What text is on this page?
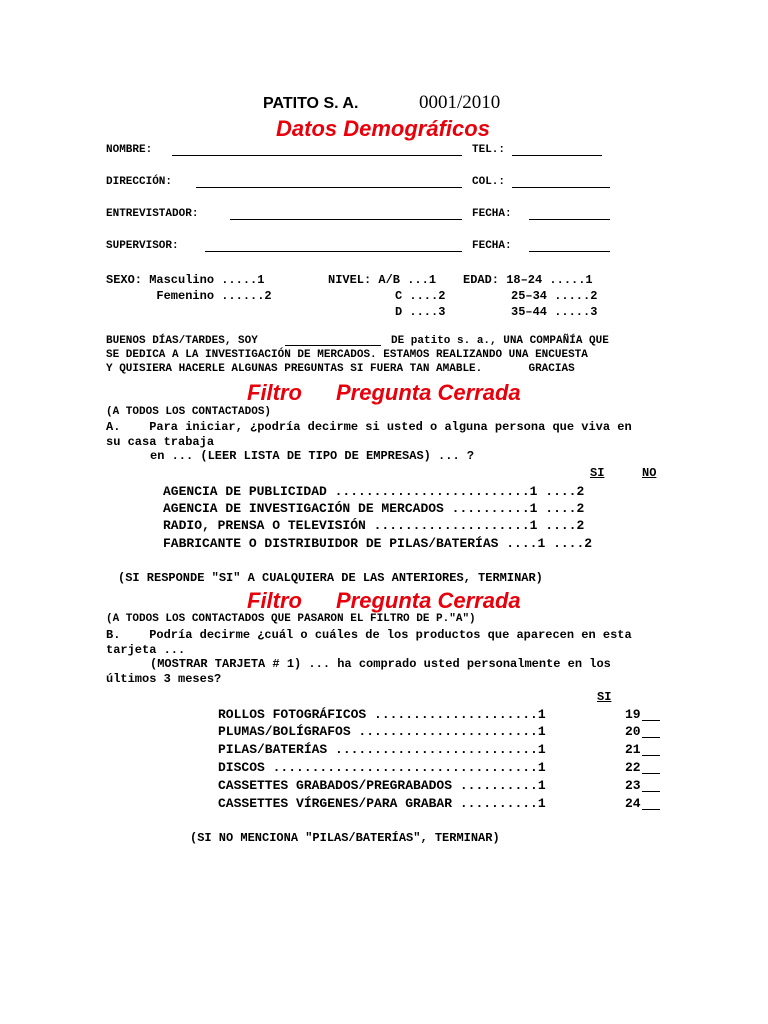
PATITO S. A.	0001/2010
Datos Demográficos
NOMBRE:	TEL.:
DIRECCIÓN:	COL.:
ENTREVISTADOR:	FECHA:
SUPERVISOR:	FECHA:
SEXO: Masculino .....1
Femenino ......2
NIVEL: A/B ...1
C ....2
D ....3
EDAD: 18–24 .....1
25–34 .....2
35–44 .....3
BUENOS DÍAS/TARDES, SOY	DE patito s. a., UNA COMPAÑÍA QUE
SE DEDICA A LA INVESTIGACIÓN DE MERCADOS. ESTAMOS REALIZANDO UNA ENCUESTA
Y QUISIERA HACERLE ALGUNAS PREGUNTAS SI FUERA TAN AMABLE.       GRACIAS
Filtro Pregunta Cerrada
(A TODOS LOS CONTACTADOS)
A.    Para iniciar, ¿podría decirme si usted o alguna persona que viva en
su casa trabaja
en ... (LEER LISTA DE TIPO DE EMPRESAS) ... ?
SI	NO
AGENCIA DE PUBLICIDAD .........................1 ....2
AGENCIA DE INVESTIGACIÓN DE MERCADOS ..........1 ....2
RADIO, PRENSA O TELEVISIÓN ....................1 ....2
FABRICANTE O DISTRIBUIDOR DE PILAS/BATERÍAS ....1 ....2
(SI RESPONDE "SI" A CUALQUIERA DE LAS ANTERIORES, TERMINAR)
Filtro Pregunta Cerrada
(A TODOS LOS CONTACTADOS QUE PASARON EL FILTRO DE P."A")
B.    Podría decirme ¿cuál o cuáles de los productos que aparecen en esta
tarjeta ...
(MOSTRAR TARJETA # 1) ... ha comprado usted personalmente en los
últimos 3 meses?
SI
ROLLOS FOTOGRÁFICOS .....................1	19
PLUMAS/BOLÍGRAFOS .......................1	20
PILAS/BATERÍAS ..........................1	21
DISCOS ..................................1	22
CASSETTES GRABADOS/PREGRABADOS ..........1	23
CASSETTES VÍRGENES/PARA GRABAR ..........1	24
(SI NO MENCIONA "PILAS/BATERÍAS", TERMINAR)
